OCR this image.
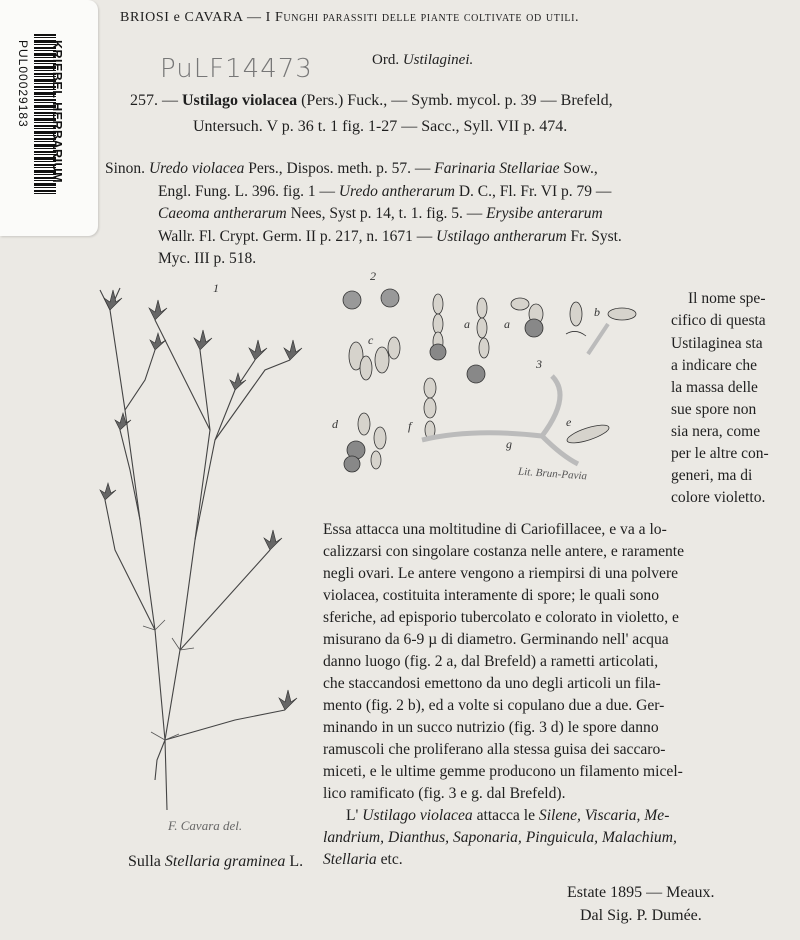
KRIEBEL HERBARIUM
PUL00029183
BRIOSI e CAVARA — I Funghi parassiti delle piante coltivate od utili.
PuLF14473	Ord. Ustilaginei.
257. — Ustilago violacea (Pers.) Fuck., — Symb. mycol. p. 39 — Brefeld,
Untersuch. V p. 36 t. 1 fig. 1-27 — Sacc., Syll. VII p. 474.
Sinon. Uredo violacea Pers., Dispos. meth. p. 57. — Farinaria Stellariae Sow.,
Engl. Fung. L. 396. fig. 1 — Uredo antherarum D. C., Fl. Fr. VI p. 79 —
Caeoma antherarum Nees, Syst p. 14, t. 1. fig. 5. — Erysibe anterarum
Wallr. Fl. Crypt. Germ. II p. 217, n. 1671 — Ustilago antherarum Fr. Syst.
Myc. III p. 518.
1
F. Cavara del.
2
3
a	a
b
c
d	e
f
g
Lit. Brun-Pavia
Il nome spe-
cifico di questa
Ustilaginea sta
a indicare che
la massa delle
sue spore non
sia nera, come
per le altre con-
generi, ma di
colore violetto.
Essa attacca una moltitudine di Cariofillacee, e va a lo-
calizzarsi con singolare costanza nelle antere, e raramente
negli ovari. Le antere vengono a riempirsi di una polvere
violacea, costituita interamente di spore; le quali sono
sferiche, ad episporio tubercolato e colorato in violetto, e
misurano da 6-9 µ di diametro. Germinando nell' acqua
danno luogo (fig. 2 a, dal Brefeld) a rametti articolati,
che staccandosi emettono da uno degli articoli un fila-
mento (fig. 2 b), ed a volte si copulano due a due. Ger-
minando in un succo nutrizio (fig. 3 d) le spore danno
ramuscoli che proliferano alla stessa guisa dei saccaro-
miceti, e le ultime gemme producono un filamento micel-
lico ramificato (fig. 3 e g. dal Brefeld).
L' Ustilago violacea attacca le Silene, Viscaria, Me-
landrium, Dianthus, Saponaria, Pinguicula, Malachium,
Stellaria etc.
Sulla Stellaria graminea L.
Estate 1895 — Meaux.
Dal Sig. P. Dumée.
